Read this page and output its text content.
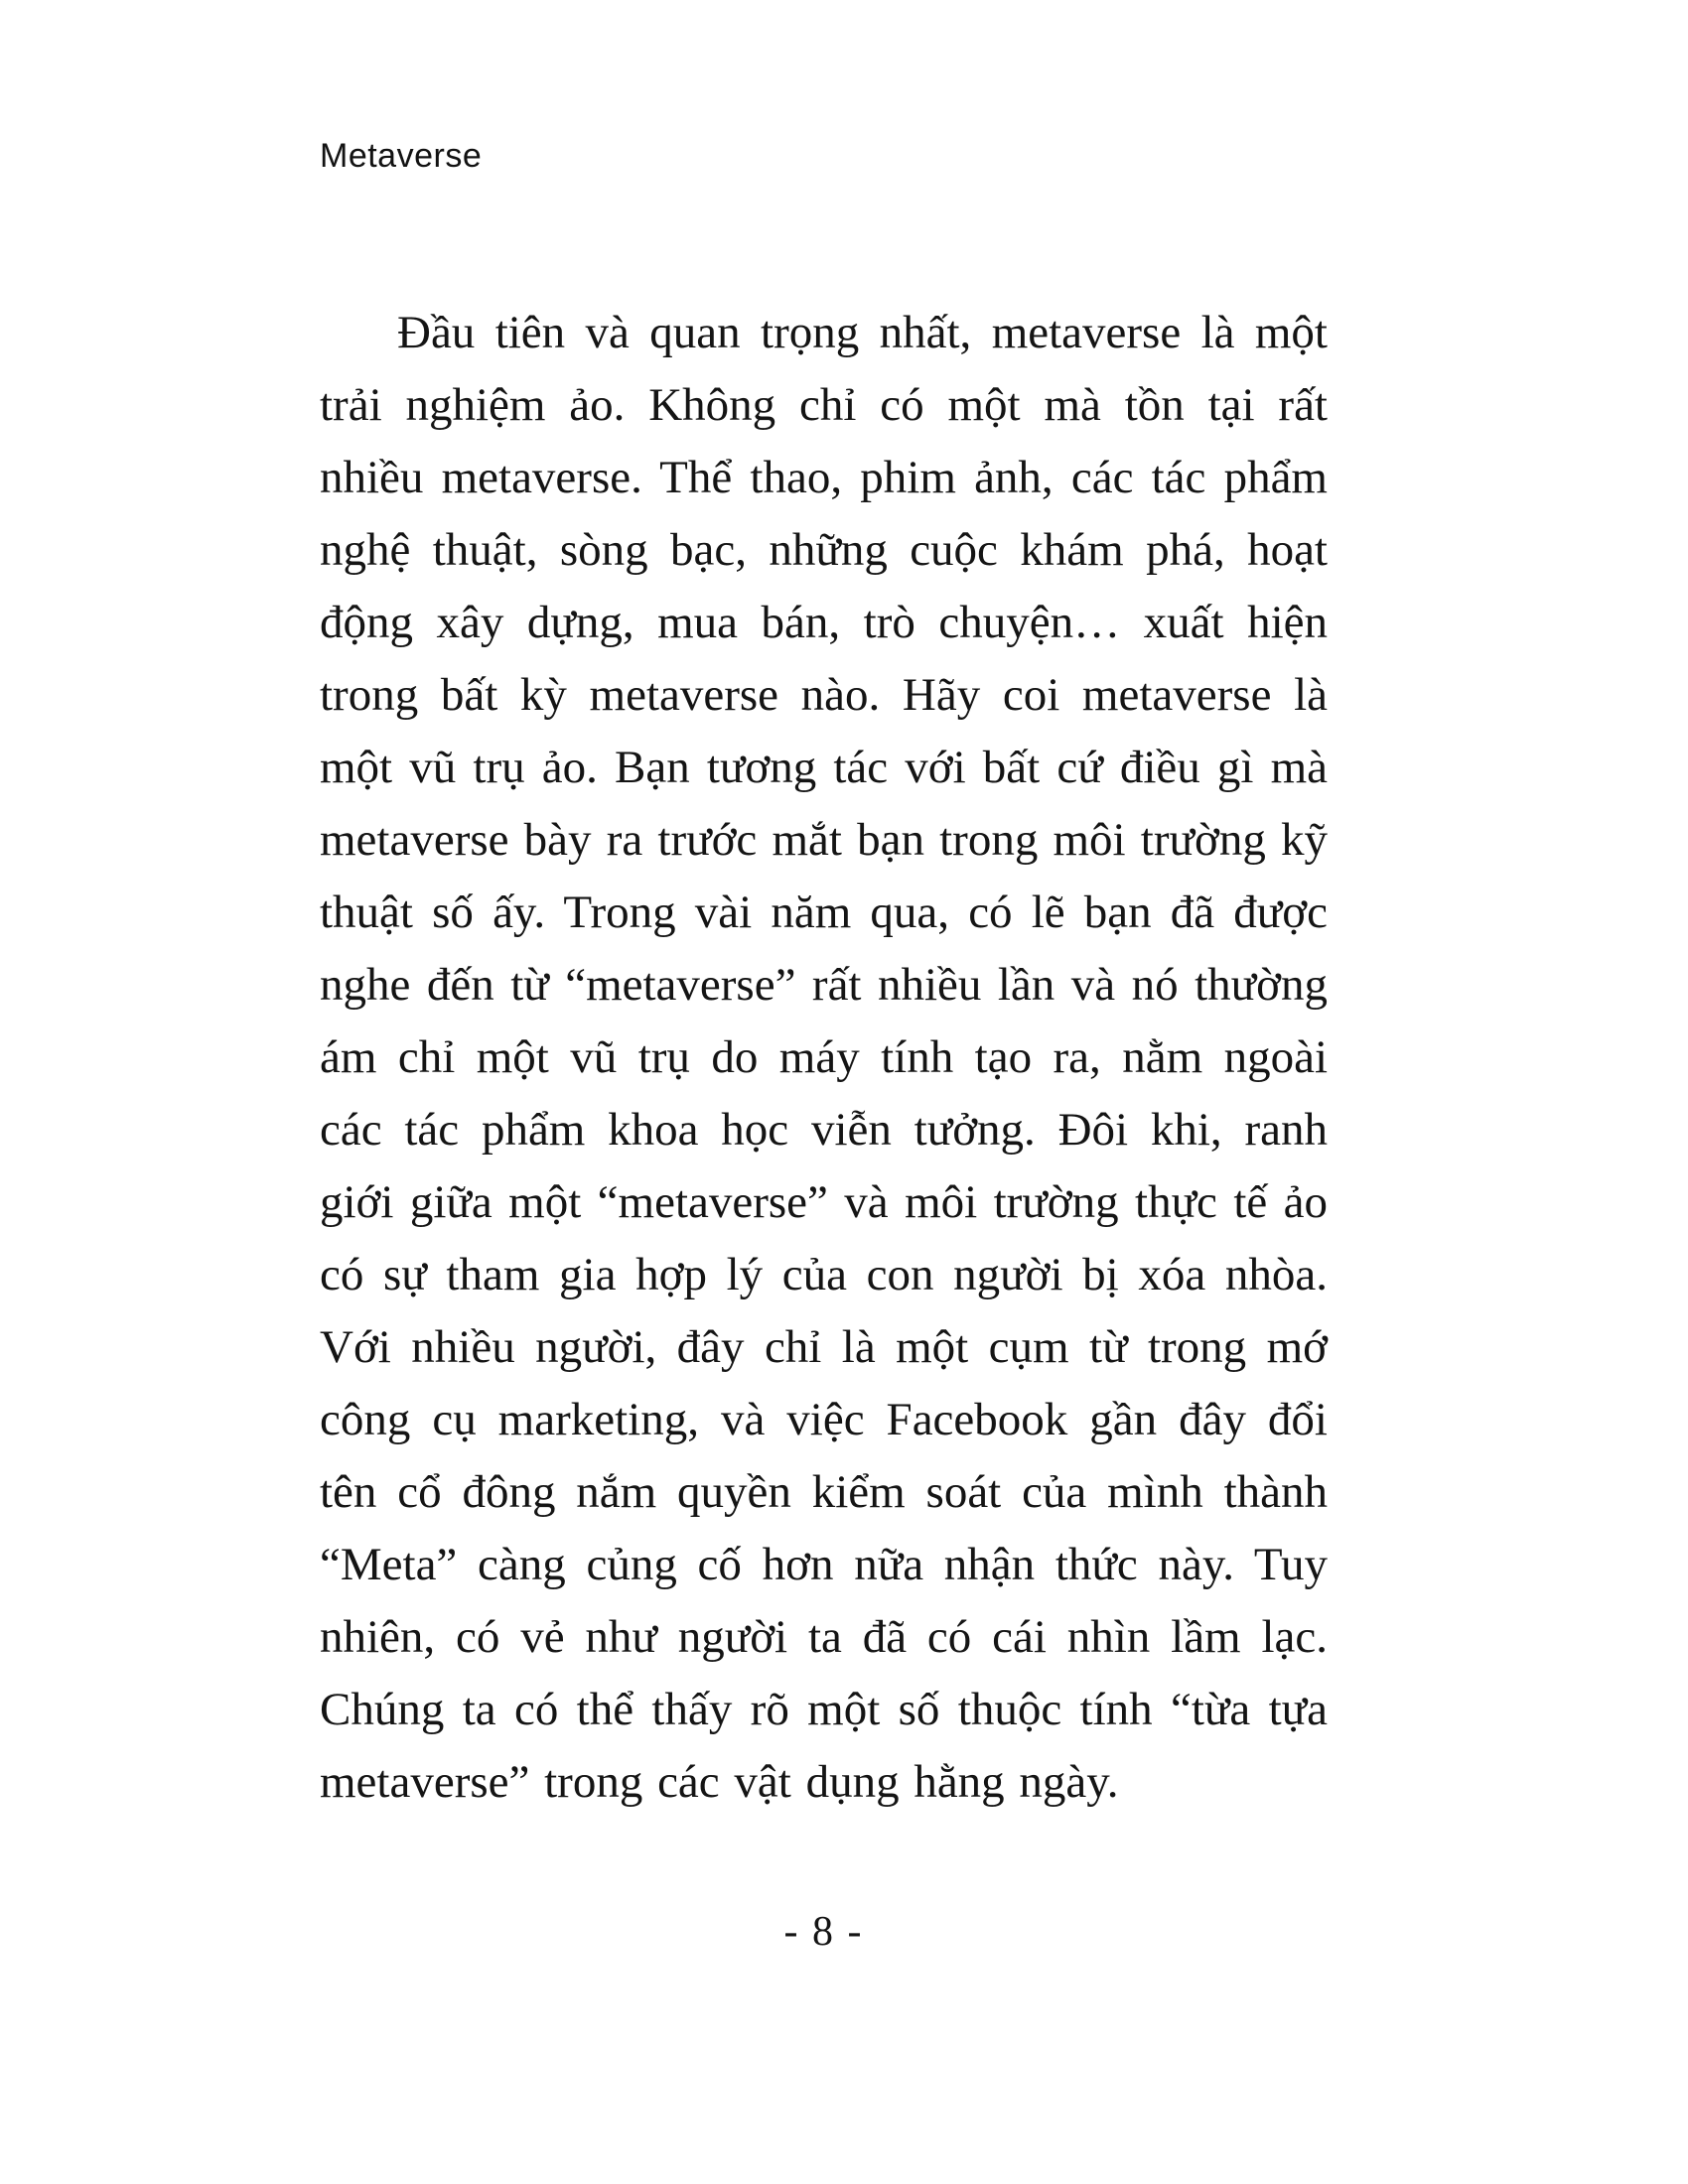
Metaverse

Đầu tiên và quan trọng nhất, metaverse là một trải nghiệm ảo. Không chỉ có một mà tồn tại rất nhiều metaverse. Thể thao, phim ảnh, các tác phẩm nghệ thuật, sòng bạc, những cuộc khám phá, hoạt động xây dựng, mua bán, trò chuyện… xuất hiện trong bất kỳ metaverse nào. Hãy coi metaverse là một vũ trụ ảo. Bạn tương tác với bất cứ điều gì mà metaverse bày ra trước mắt bạn trong môi trường kỹ thuật số ấy. Trong vài năm qua, có lẽ bạn đã được nghe đến từ “metaverse” rất nhiều lần và nó thường ám chỉ một vũ trụ do máy tính tạo ra, nằm ngoài các tác phẩm khoa học viễn tưởng. Đôi khi, ranh giới giữa một “metaverse” và môi trường thực tế ảo có sự tham gia hợp lý của con người bị xóa nhòa. Với nhiều người, đây chỉ là một cụm từ trong mớ công cụ marketing, và việc Facebook gần đây đổi tên cổ đông nắm quyền kiểm soát của mình thành “Meta” càng củng cố hơn nữa nhận thức này. Tuy nhiên, có vẻ như người ta đã có cái nhìn lầm lạc. Chúng ta có thể thấy rõ một số thuộc tính “từa tựa metaverse” trong các vật dụng hằng ngày.

- 8 -
